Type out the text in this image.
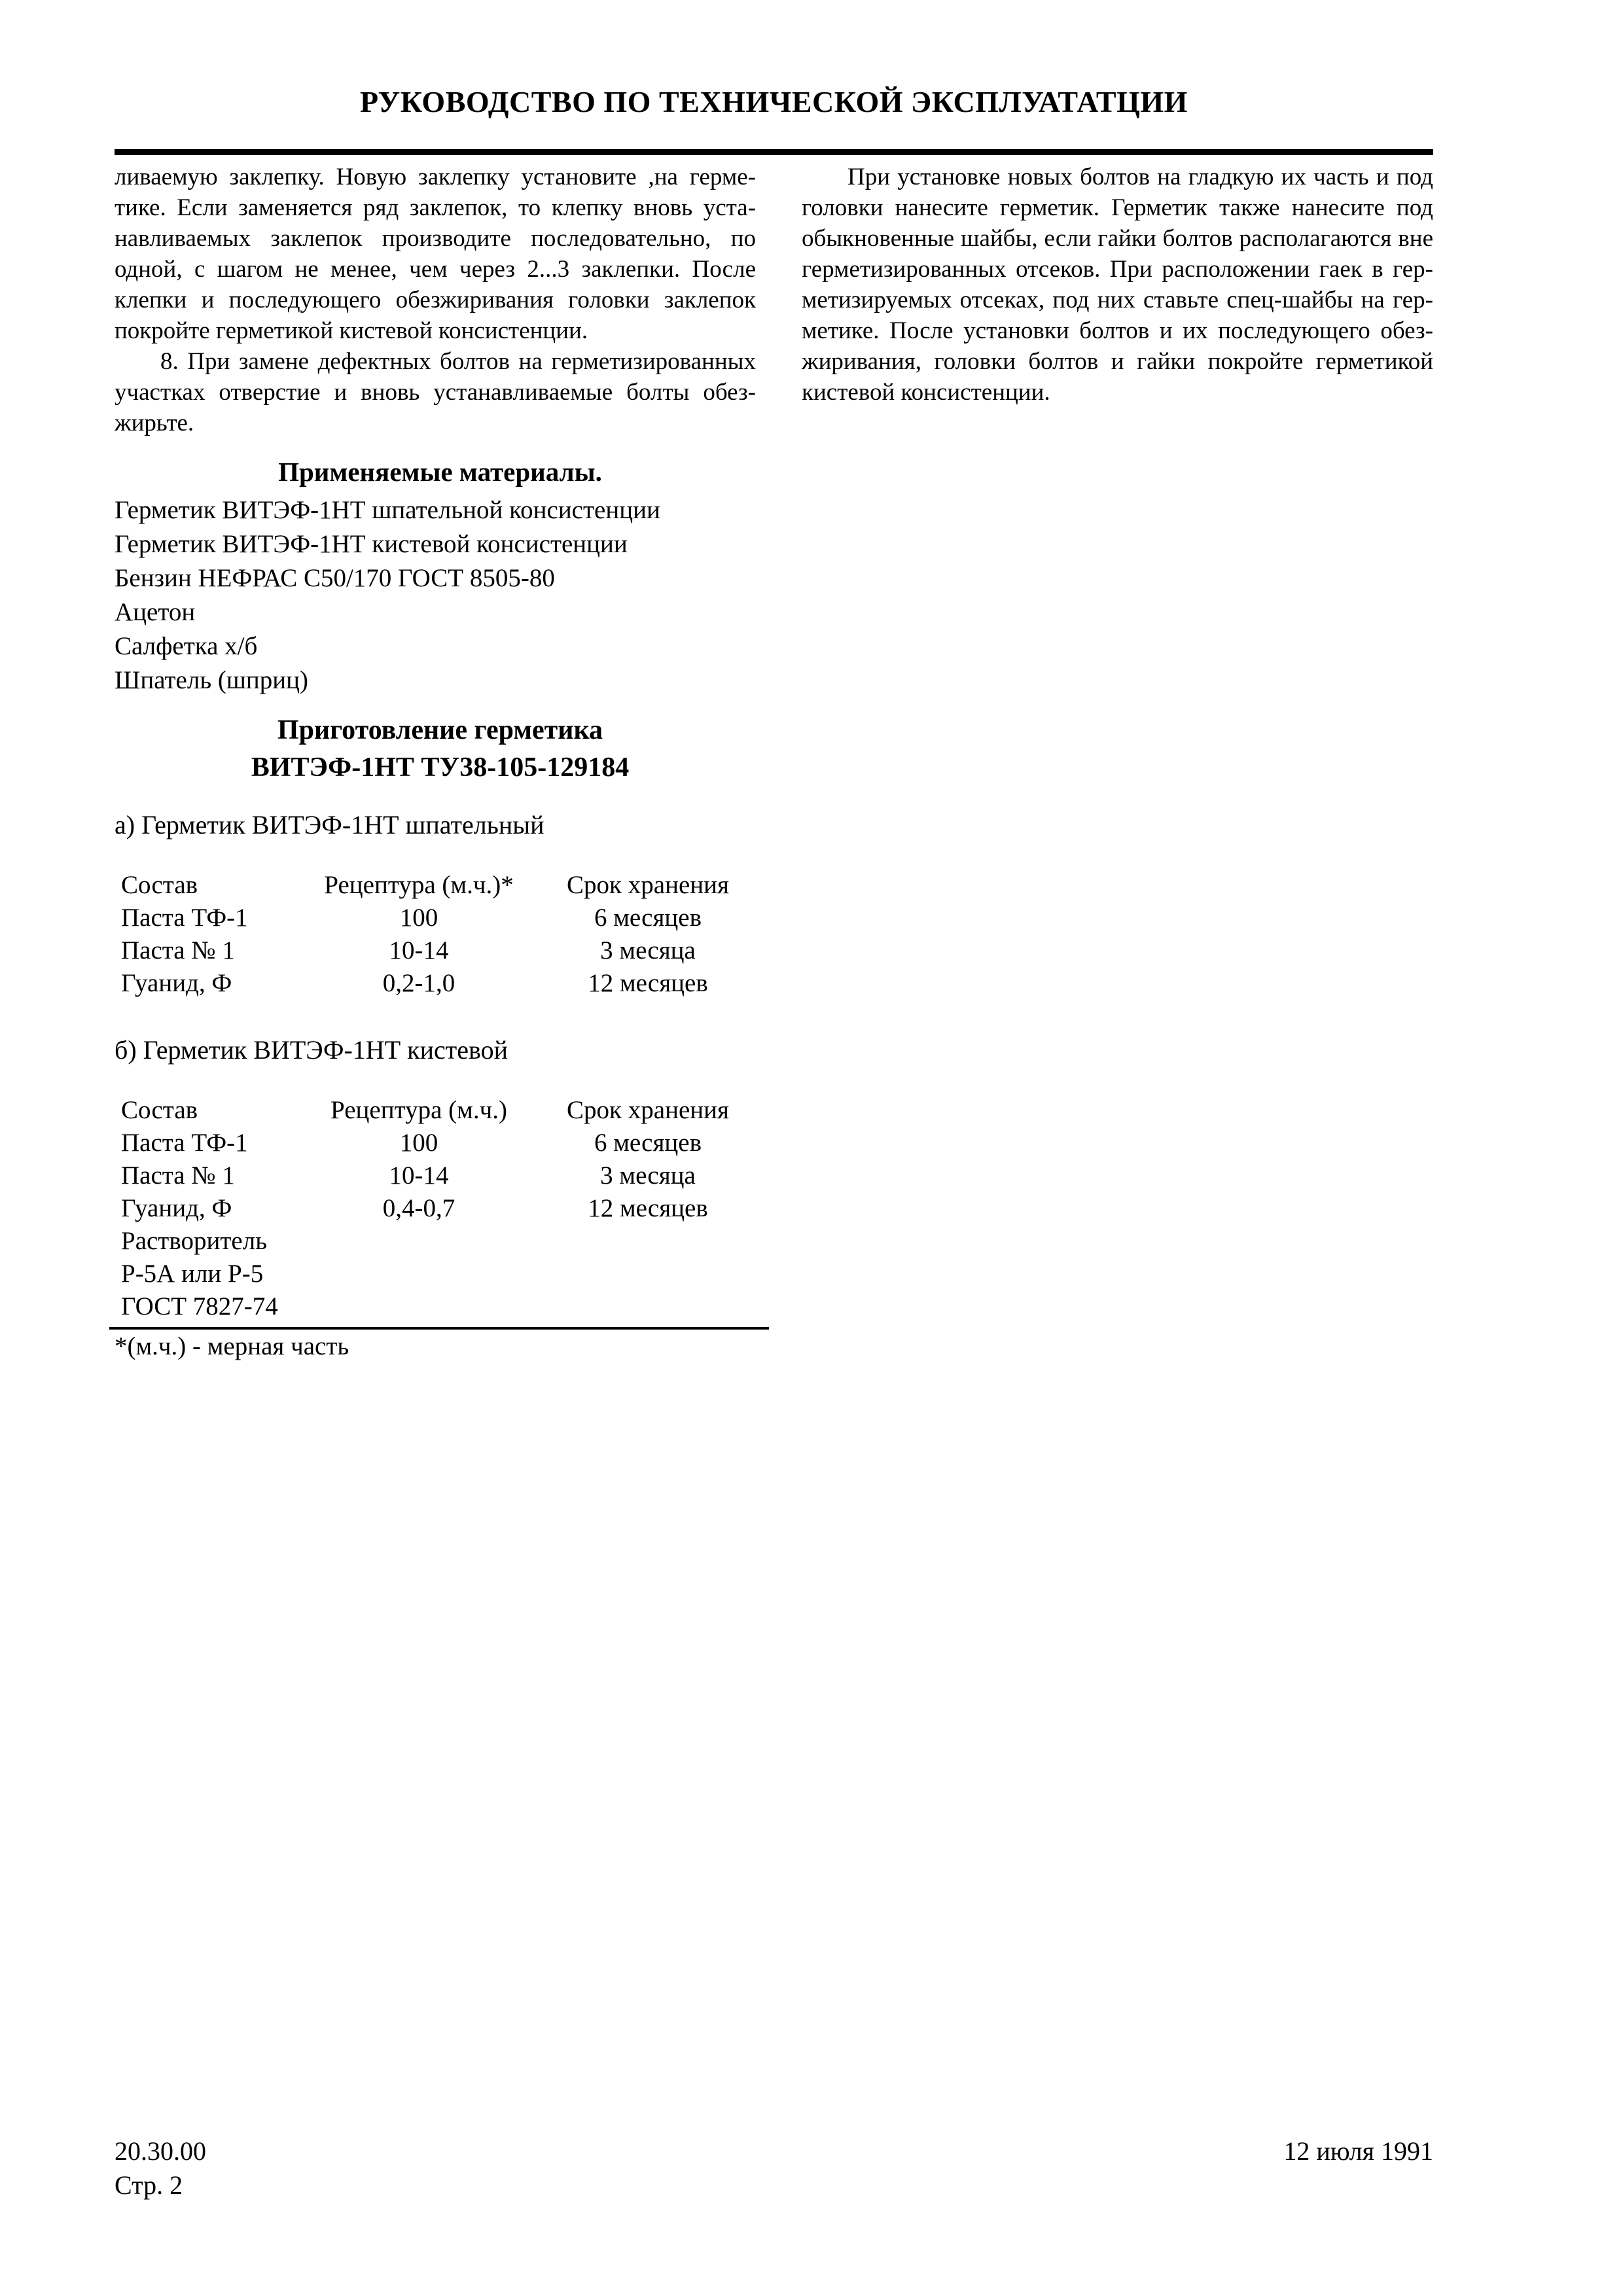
РУКОВОДСТВО ПО ТЕХНИЧЕСКОЙ ЭКСПЛУАТАТЦИИ
ливаемую заклепку. Новую заклепку установите ,на герме-
тике. Если заменяется ряд заклепок, то клепку вновь уста-
навливаемых заклепок производите последовательно, по
одной, с шагом не менее, чем через 2...3 заклепки. После
клепки и последующего обезжиривания головки заклепок
покройте герметикой кистевой консистенции.
8. При замене дефектных болтов на герметизированных
участках отверстие и вновь устанавливаемые болты обез-
жирьте.
При установке новых болтов на гладкую их часть и под
головки нанесите герметик. Герметик также нанесите под
обыкновенные шайбы, если гайки болтов располагаются вне
герметизированных отсеков. При расположении гаек в гер-
метизируемых отсеках, под них ставьте спец-шайбы на гер-
метике. После установки болтов и их последующего обез-
жиривания, головки болтов и гайки покройте герметикой
кистевой консистенции.
Применяемые материалы.
Герметик ВИТЭФ-1НТ шпательной консистенции
Герметик ВИТЭФ-1НТ кистевой консистенции
Бензин НЕФРАС С50/170 ГОСТ 8505-80
Ацетон
Салфетка х/б
Шпатель (шприц)
Приготовление герметика
ВИТЭФ-1НТ ТУ38-105-129184
а) Герметик ВИТЭФ-1НТ шпательный
Состав	Рецептура (м.ч.)*	Срок хранения
Паста ТФ-1	100	6 месяцев
Паста № 1	10-14	3 месяца
Гуанид, Ф	0,2-1,0	12 месяцев
б) Герметик ВИТЭФ-1НТ кистевой
Состав	Рецептура (м.ч.)	Срок хранения
Паста ТФ-1	100	6 месяцев
Паста № 1	10-14	3 месяца
Гуанид, Ф	0,4-0,7	12 месяцев
Растворитель
Р-5А или Р-5
ГОСТ 7827-74
*(м.ч.) - мерная часть
20.30.00	12 июля 1991
Стр. 2
